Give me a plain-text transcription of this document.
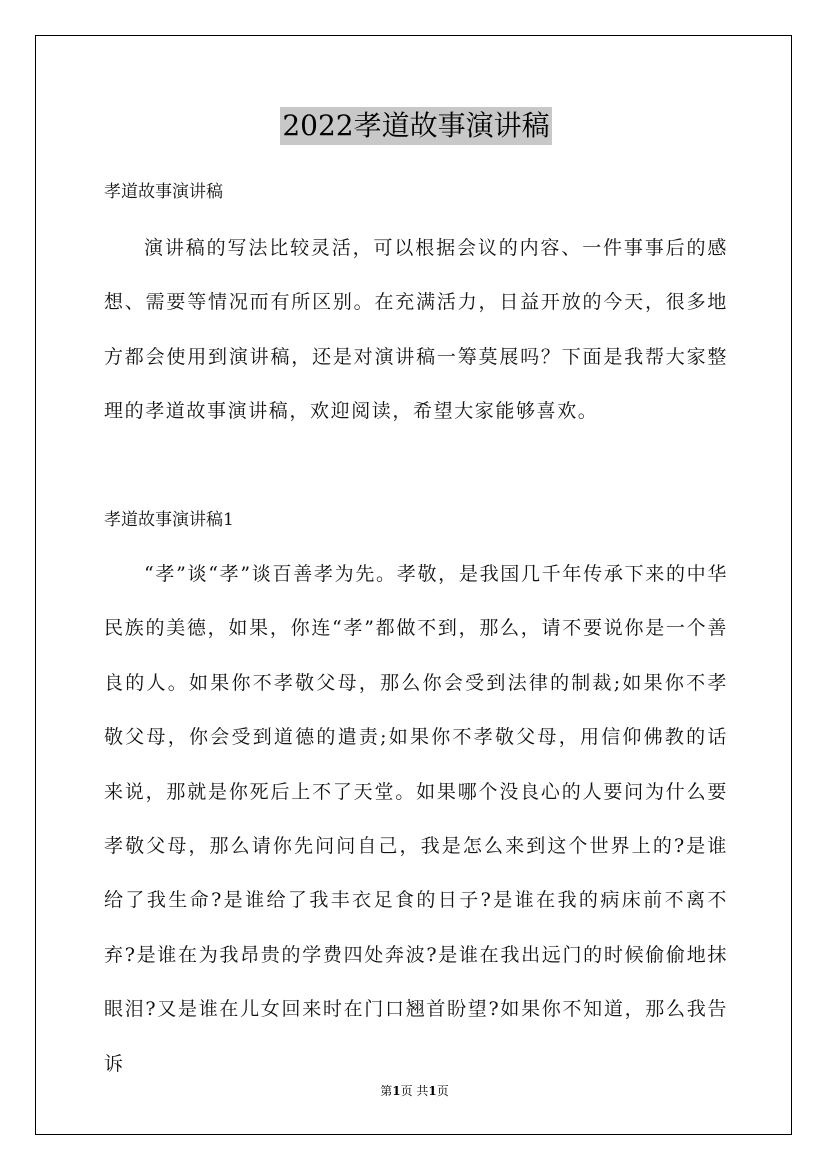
2022孝道故事演讲稿

孝道故事演讲稿

演讲稿的写法比较灵活，可以根据会议的内容、一件事事后的感想、需要等情况而有所区别。在充满活力，日益开放的今天，很多地方都会使用到演讲稿，还是对演讲稿一筹莫展吗？下面是我帮大家整理的孝道故事演讲稿，欢迎阅读，希望大家能够喜欢。

孝道故事演讲稿1

“孝”谈“孝”谈百善孝为先。孝敬，是我国几千年传承下来的中华民族的美德，如果，你连“孝”都做不到，那么，请不要说你是一个善良的人。如果你不孝敬父母，那么你会受到法律的制裁;如果你不孝敬父母，你会受到道德的遣责;如果你不孝敬父母，用信仰佛教的话来说，那就是你死后上不了天堂。如果哪个没良心的人要问为什么要孝敬父母，那么请你先问问自己，我是怎么来到这个世界上的?是谁给了我生命?是谁给了我丰衣足食的日子?是谁在我的病床前不离不弃?是谁在为我昂贵的学费四处奔波?是谁在我出远门的时候偷偷地抹眼泪?又是谁在儿女回来时在门口翘首盼望?如果你不知道，那么我告诉

第1页 共1页
